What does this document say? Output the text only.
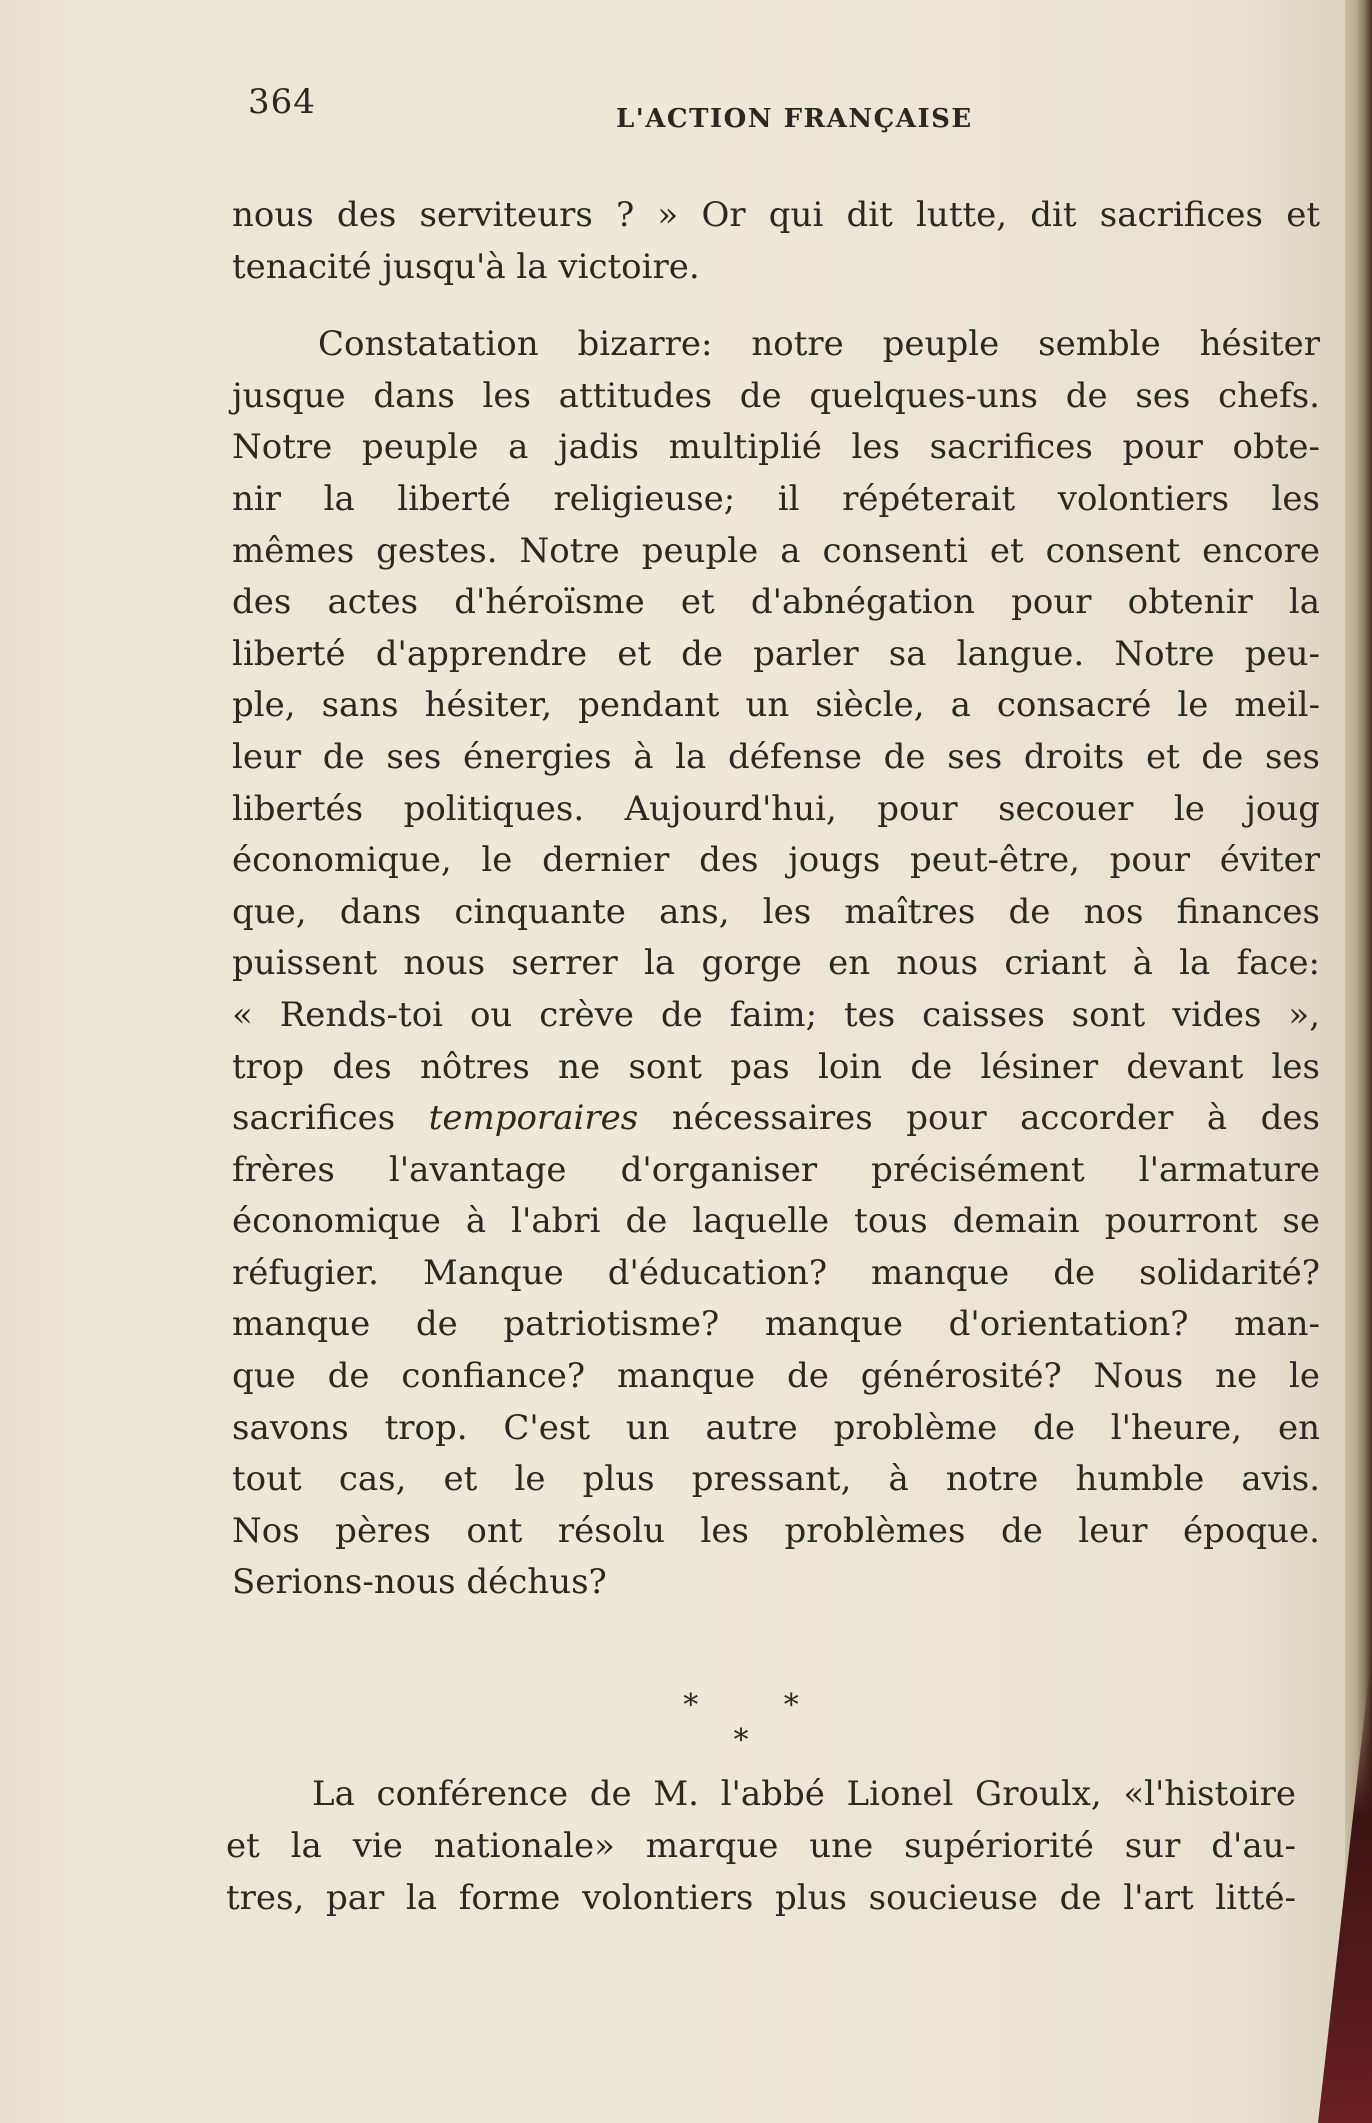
364	L'ACTION FRANÇAISE
nous des serviteurs ? » Or qui dit lutte, dit sacrifices et
tenacité jusqu'à la victoire.
Constatation bizarre: notre peuple semble hésiter
jusque dans les attitudes de quelques-uns de ses chefs.
Notre peuple a jadis multiplié les sacrifices pour obte-
nir la liberté religieuse; il répéterait volontiers les
mêmes gestes. Notre peuple a consenti et consent encore
des actes d'héroïsme et d'abnégation pour obtenir la
liberté d'apprendre et de parler sa langue. Notre peu-
ple, sans hésiter, pendant un siècle, a consacré le meil-
leur de ses énergies à la défense de ses droits et de ses
libertés politiques. Aujourd'hui, pour secouer le joug
économique, le dernier des jougs peut-être, pour éviter
que, dans cinquante ans, les maîtres de nos finances
puissent nous serrer la gorge en nous criant à la face:
« Rends-toi ou crève de faim; tes caisses sont vides »,
trop des nôtres ne sont pas loin de lésiner devant les
sacrifices temporaires nécessaires pour accorder à des
frères l'avantage d'organiser précisément l'armature
économique à l'abri de laquelle tous demain pourront se
réfugier. Manque d'éducation? manque de solidarité?
manque de patriotisme? manque d'orientation? man-
que de confiance? manque de générosité? Nous ne le
savons trop. C'est un autre problème de l'heure, en
tout cas, et le plus pressant, à notre humble avis.
Nos pères ont résolu les problèmes de leur époque.
Serions-nous déchus?
* * *
La conférence de M. l'abbé Lionel Groulx, «l'histoire
et la vie nationale» marque une supériorité sur d'au-
tres, par la forme volontiers plus soucieuse de l'art litté-
